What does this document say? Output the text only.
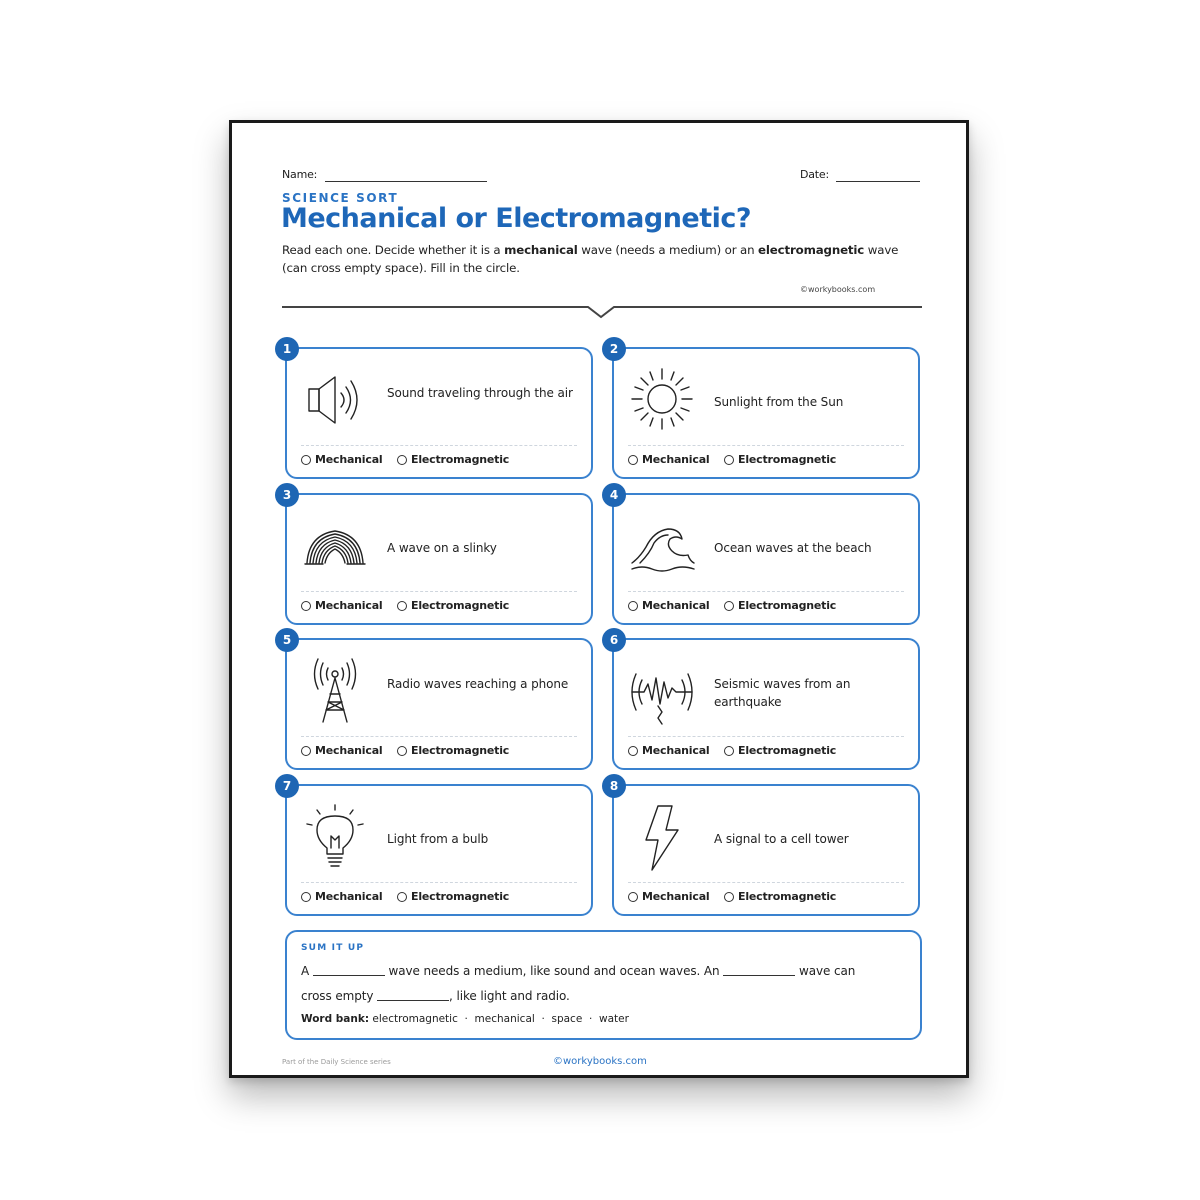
Name:	Date:
SCIENCE SORT
Mechanical or Electromagnetic?
Read each one. Decide whether it is a mechanical wave (needs a medium) or an electromagnetic wave (can cross empty space). Fill in the circle.
©workybooks.com
1
Sound traveling through the air
Mechanical	Electromagnetic
2
Sunlight from the Sun
Mechanical	Electromagnetic
3
A wave on a slinky
Mechanical	Electromagnetic
4
Ocean waves at the beach
Mechanical	Electromagnetic
5
Radio waves reaching a phone
Mechanical	Electromagnetic
6
Seismic waves from an earthquake
Mechanical	Electromagnetic
7
Light from a bulb
Mechanical	Electromagnetic
8
A signal to a cell tower
Mechanical	Electromagnetic
SUM IT UP
A	wave needs a medium, like sound and ocean waves. An	wave can
cross empty	, like light and radio.
Word bank: electromagnetic  ·  mechanical  ·  space  ·  water
Part of the Daily Science series	©workybooks.com
